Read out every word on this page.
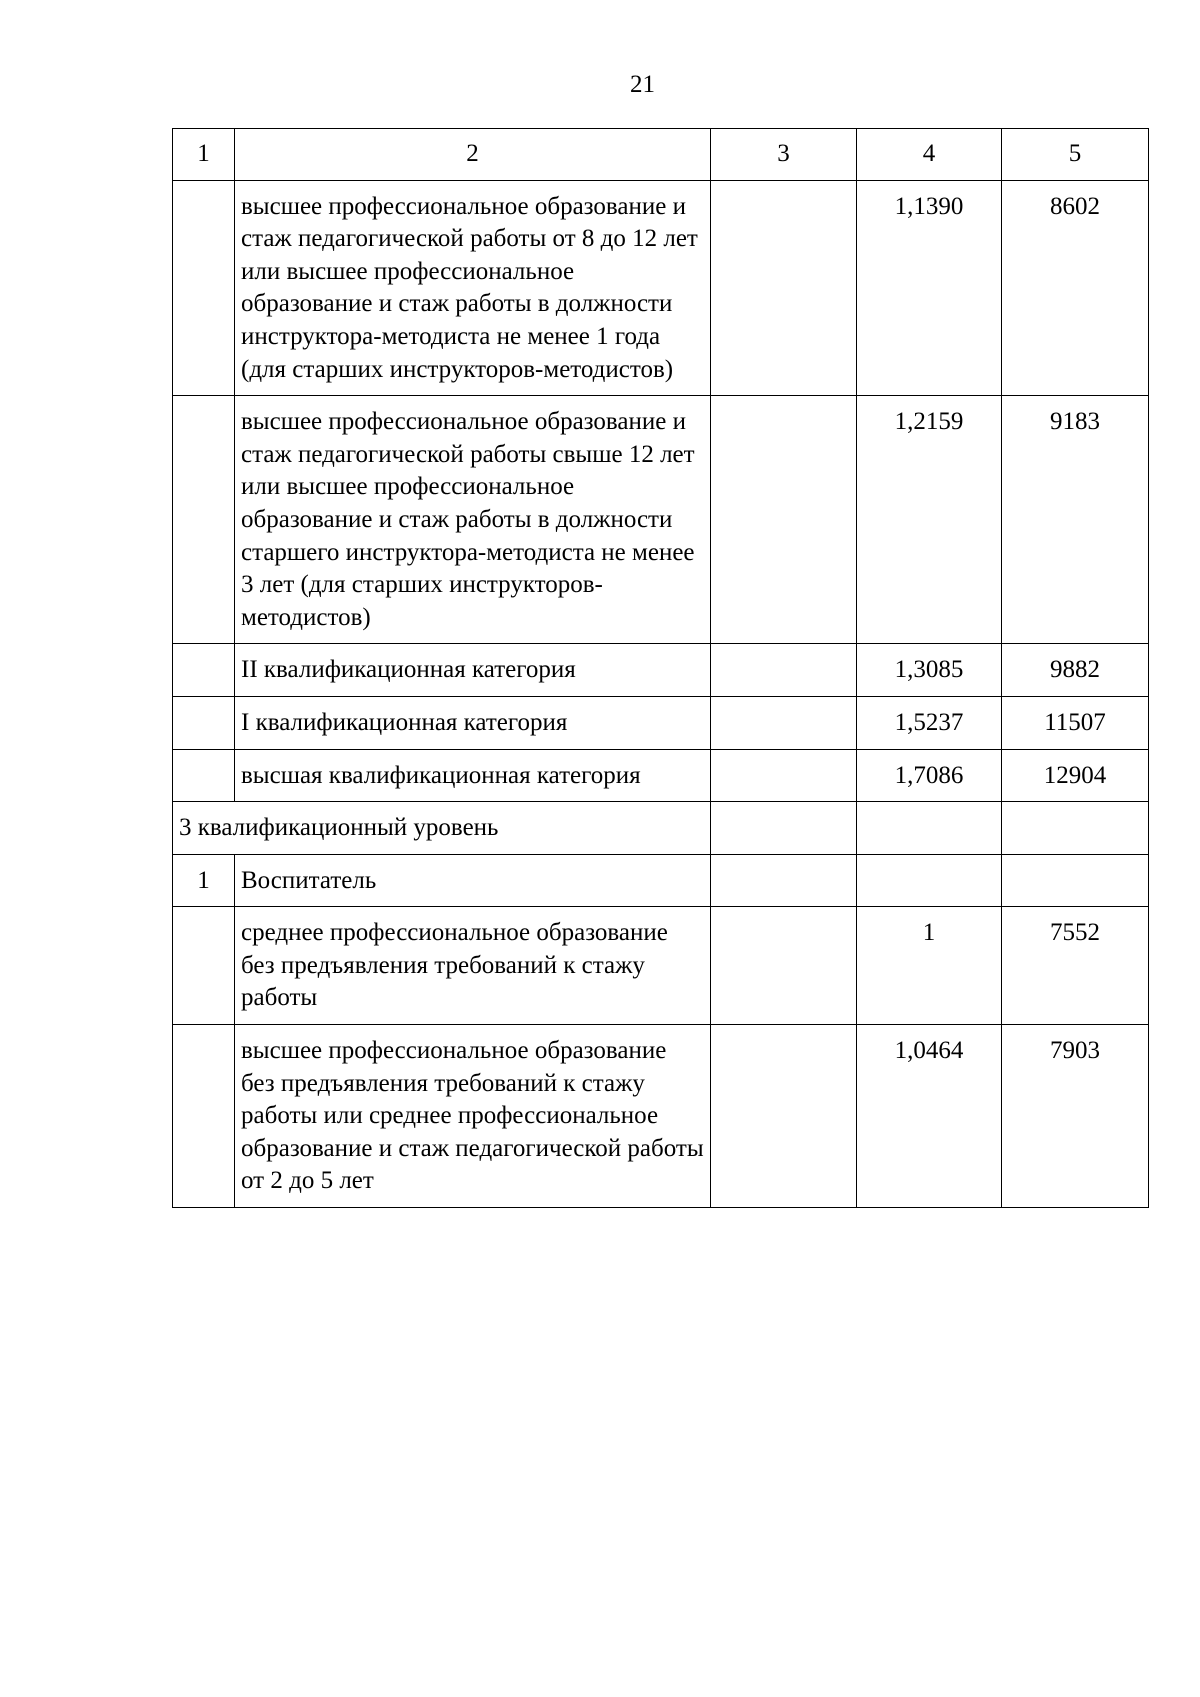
21
1	2	3	4	5
	высшее профессиональное образование и стаж педагогической работы от 8 до 12 лет или высшее профессиональное образование и стаж работы в должности инструктора-методиста не менее 1 года (для старших инструкторов-методистов)		1,1390	8602
	высшее профессиональное образование и стаж педагогической работы свыше 12 лет или высшее профессиональное образование и стаж работы в должности старшего инструктора-методиста не менее 3 лет (для старших инструкторов-методистов)		1,2159	9183
	II квалификационная категория		1,3085	9882
	I квалификационная категория		1,5237	11507
	высшая квалификационная категория		1,7086	12904
3 квалификационный уровень				
1	Воспитатель			
	среднее профессиональное образование без предъявления требований к стажу работы		1	7552
	высшее профессиональное образование без предъявления требований к стажу работы или среднее профессиональное образование и стаж педагогической работы от 2 до 5 лет		1,0464	7903
